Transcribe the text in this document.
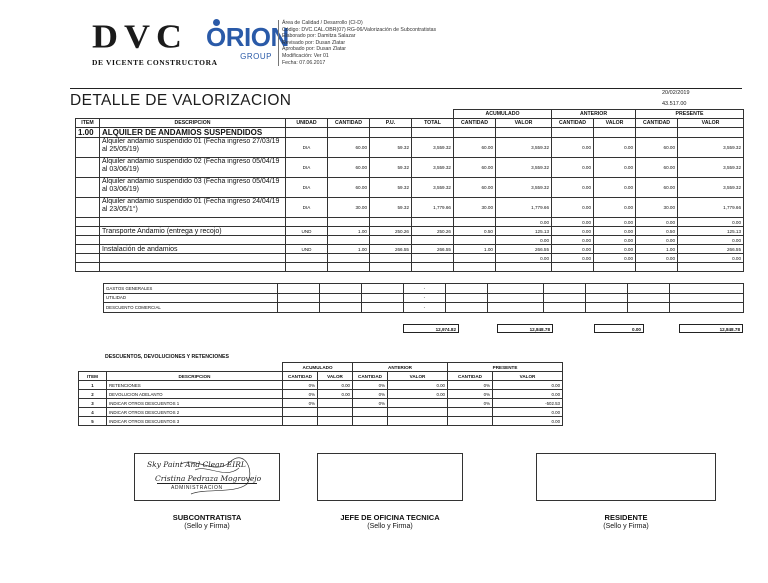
DVC
DE VICENTE CONSTRUCTORA
ORION
GROUP
Área de Calidad / Desarrollo (CI-D)
Código: DVC.CAL.OBR(07) RG-06/Valorización de Subcontratistas
Elaborado por: Damitza Salazar
Revisado por: Dusan Zlatar
Aprobado por: Dusan Zlatar
Modificación: Ver 01
Fecha: 07.06.2017
DETALLE DE VALORIZACION	20/02/2019
43.517.00
						ACUMULADO		ANTERIOR		PRESENTE	
ITEM	DESCRIPCION	UNIDAD	CANTIDAD	P.U.	TOTAL	CANTIDAD	VALOR	CANTIDAD	VALOR	CANTIDAD	VALOR
1.00	ALQUILER DE ANDAMIOS SUSPENDIDOS										
	Alquiler andamio suspendido 01 (Fecha ingreso 27/03/19 al 25/05/19)	DIA	60.00	59.32	3,559.32	60.00	3,559.32	0.00	0.00	60.00	3,559.32
	Alquiler andamio suspendido 02 (Fecha ingreso 05/04/19 al 03/06/19)	DIA	60.00	59.32	3,559.32	60.00	3,559.32	0.00	0.00	60.00	3,559.32
	Alquiler andamio suspendido 03 (Fecha ingreso 05/04/19 al 03/06/19)	DIA	60.00	59.32	3,559.32	60.00	3,559.32	0.00	0.00	60.00	3,559.32
	Alquiler andamio suspendido 01 (Fecha ingreso 24/04/19 al 23/05/1°)	DIA	30.00	59.32	1,779.66	30.00	1,779.66	0.00	0.00	30.00	1,779.66
							0.00	0.00	0.00	0.00	0.00
	Transporte Andamio (entrega y recojo)	UND	1.00	250.26	250.26	0.50	125.13	0.00	0.00	0.50	125.13
							0.00	0.00	0.00	0.00	0.00
	Instalación de andamios	UND	1.00	266.55	266.55	1.00	266.55	0.00	0.00	1.00	266.55
							0.00	0.00	0.00	0.00	0.00

GASTOS GENERALES				-						
UTILIDAD				-						
DESCUENTO COMERCIAL				-						
12,974.82	12,848.78	0.00	12,848.78
DESCUENTOS, DEVOLUCIONES Y RETENCIONES
		ACUMULADO		ANTERIOR		PRESENTE	
ITEM	DESCRIPCION	CANTIDAD	VALOR	CANTIDAD	VALOR	CANTIDAD	VALOR
1	RETENCIONES	0%	0.00	0%	0.00	0%	0.00
2	DEVOLUCION ADELANTO	0%	0.00	0%	0.00	0%	0.00
3	INDICAR OTROS DESCUENTOS 1	0%		0%		0%	-502.53
4	INDICAR OTROS DESCUENTOS 2						0.00
5	INDICAR OTROS DESCUENTOS 3						0.00
Sky Paint And Clean EIRL
Cristina Pedraza Mogrovejo
ADMINISTRACION
SUBCONTRATISTA
(Sello y Firma)
JEFE DE OFICINA TECNICA
(Sello y Firma)
RESIDENTE
(Sello y Firma)
